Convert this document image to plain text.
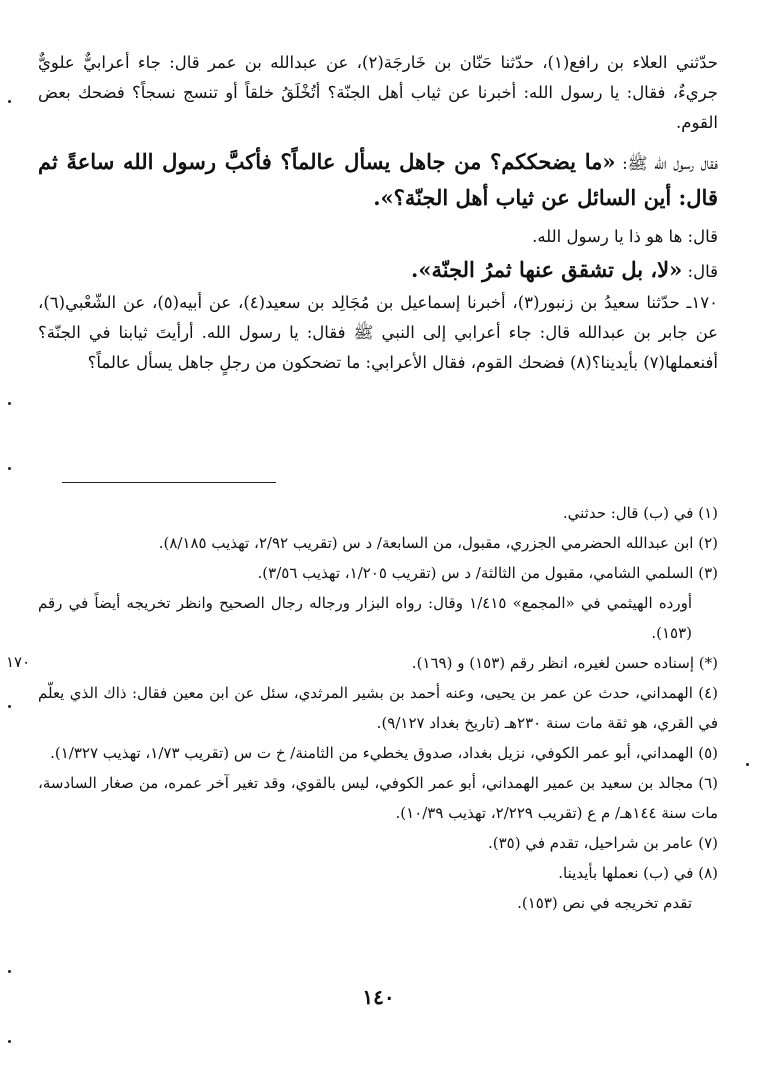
حدّثني العلاء بن رافع(١)، حدّثنا حَنّان بن خَارجَة(٢)، عن عبدالله بن عمر قال: جاء أعرابيٌّ علويٌّ جريءٌ، فقال: يا رسول الله: أخبرنا عن ثياب أهل الجنّة؟ أتُخْلَقُ خلقاً أو تنسج نسجاً؟ فضحك بعض القوم.

فقال رسول الله ﷺ: «ما يضحككم؟ من جاهل يسأل عالماً؟ فأكبَّ رسول الله ساعةً ثم قال: أين السائل عن ثياب أهل الجنّة؟».

قال: ها هو ذا يا رسول الله.

قال: «لا، بل تشقق عنها ثمرُ الجنّة».

١٧٠ـ حدّثنا سعيدُ بن زنبور(٣)، أخبرنا إسماعيل بن مُجَالِد بن سعيد(٤)، عن أبيه(٥)، عن الشّعْبي(٦)، عن جابر بن عبدالله قال: جاء أعرابي إلى النبي ﷺ فقال: يا رسول الله. أرأيتَ ثيابنا في الجنّة؟ أفنعملها(٧) بأيدينا؟(٨) فضحك القوم، فقال الأعرابي: ما تضحكون من رجلٍ جاهل يسأل عالماً؟

(١) في (ب) قال: حدثني.

(٢) ابن عبدالله الحضرمي الجزري، مقبول، من السابعة/ د س (تقريب ٢/٩٢، تهذيب ٨/١٨٥).

(٣) السلمي الشامي، مقبول من الثالثة/ د س (تقريب ١/٢٠٥، تهذيب ٣/٥٦).

أورده الهيثمي في «المجمع» ١/٤١٥ وقال: رواه البزار ورجاله رجال الصحيح وانظر تخريجه أيضاً في رقم (١٥٣).

(*) إسناده حسن لغيره، انظر رقم (١٥٣) و (١٦٩).

(٤) الهمداني، حدث عن عمر بن يحيى، وعنه أحمد بن بشير المرثدي، سئل عن ابن معين فقال: ذاك الذي يعلّم في القري، هو ثقة مات سنة ٢٣٠هـ (تاريخ بغداد ٩/١٢٧).

(٥) الهمداني، أبو عمر الكوفي، نزيل بغداد، صدوق يخطيء من الثامنة/ خ ت س (تقريب ١/٧٣، تهذيب ١/٣٢٧).

(٦) مجالد بن سعيد بن عمير الهمداني، أبو عمر الكوفي، ليس بالقوي، وقد تغير آخر عمره، من صغار السادسة، مات سنة ١٤٤هـ/ م ع (تقريب ٢/٢٢٩، تهذيب ١٠/٣٩).

(٧) عامر بن شراحيل، تقدم في (٣٥).

(٨) في (ب) نعملها بأيدينا.

تقدم تخريجه في نص (١٥٣).

١٧٠
١٤٠
